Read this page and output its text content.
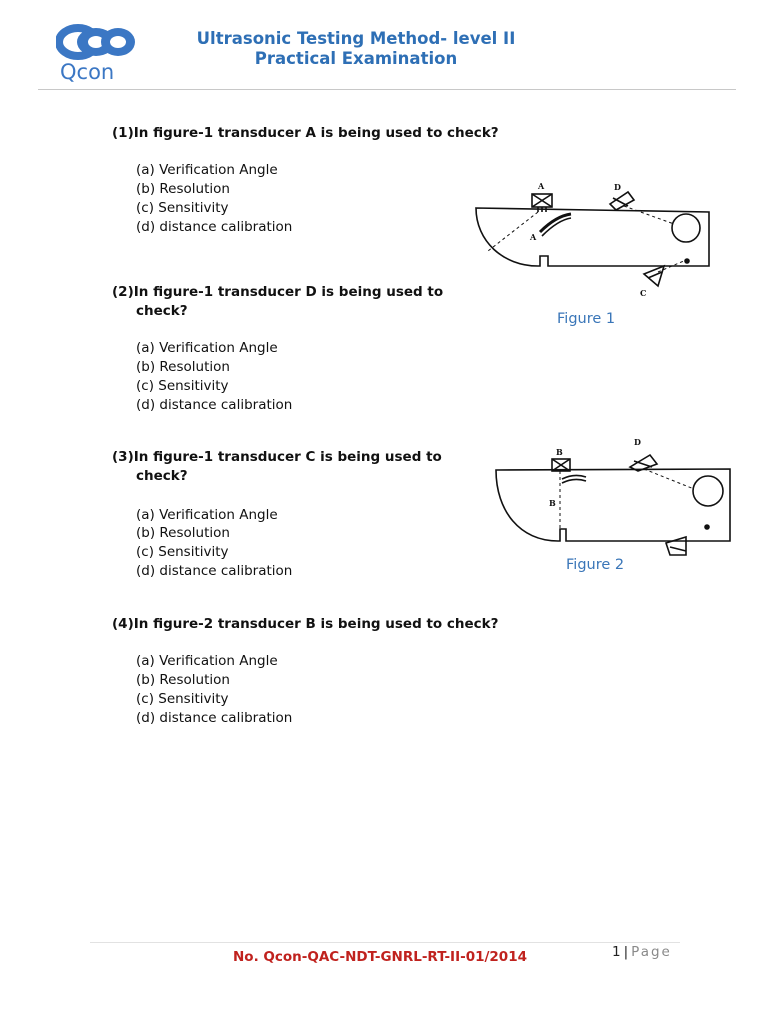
Qcon
Ultrasonic Testing Method- level II
Practical Examination
(1)In figure-1 transducer A is being used to check?
(a) Verification Angle
(b) Resolution
(c) Sensitivity
(d) distance calibration
(2)In figure-1 transducer D is being used to
check?
(a) Verification Angle
(b) Resolution
(c) Sensitivity
(d) distance calibration
(3)In figure-1 transducer C is being used to
check?
(a) Verification Angle
(b) Resolution
(c) Sensitivity
(d) distance calibration
(4)In figure-2 transducer B is being used to check?
(a) Verification Angle
(b) Resolution
(c) Sensitivity
(d) distance calibration
A	D
A
C
Figure 1
B
D
B
Figure 2
No. Qcon-QAC-NDT-GNRL-RT-II-01/2014	1 | Page
